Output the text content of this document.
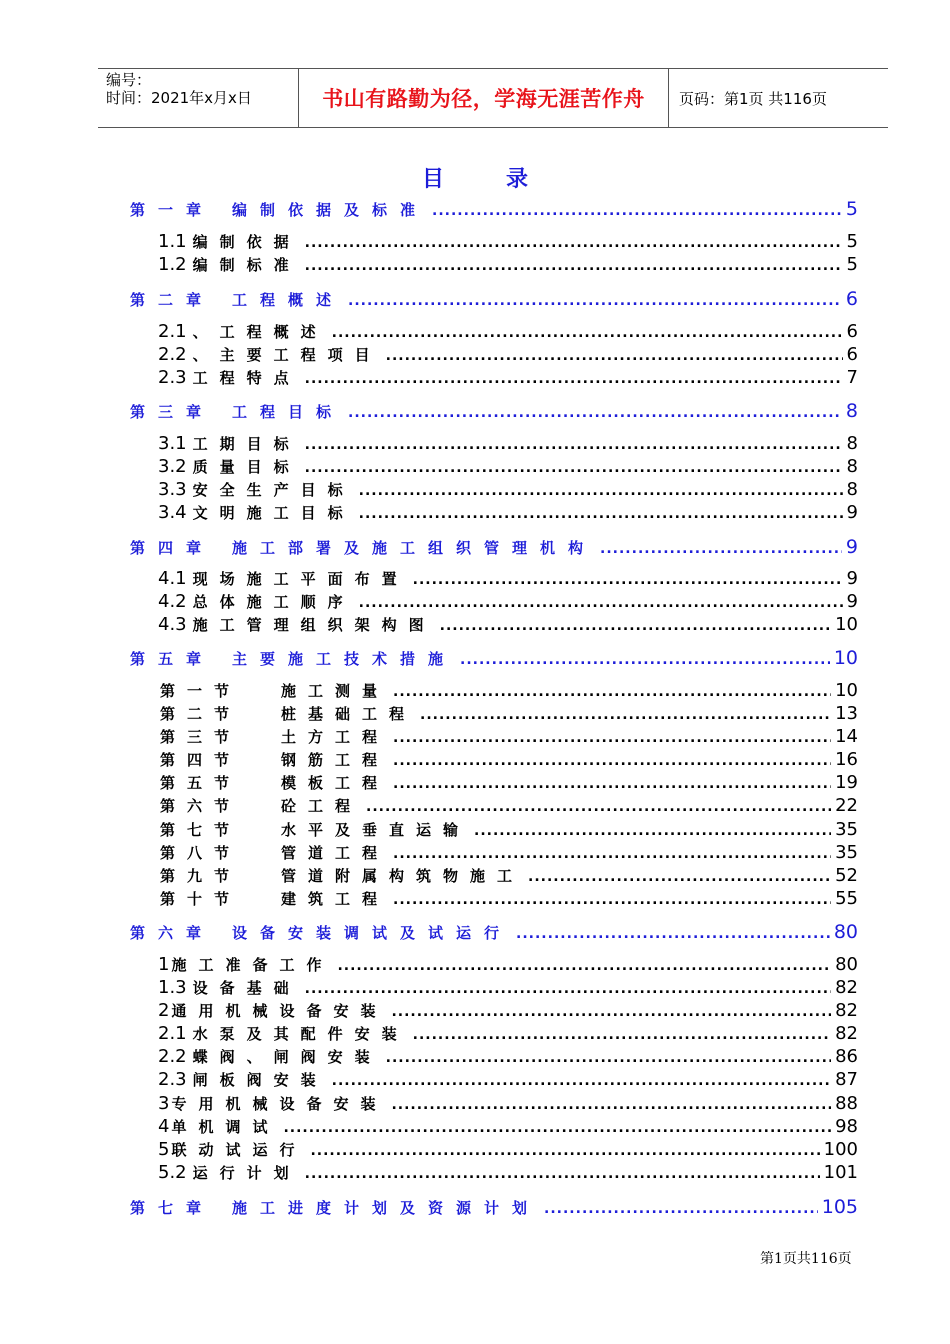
编号：
时间：2021年x月x日	书山有路勤为径，学海无涯苦作舟	页码：第1页 共116页
目录
第一章 编制依据及标准 .....	5
1.1 编制依据 .....	5
1.2 编制标准 .....	5
第二章 工程概述 .....	6
2.1 、工程概述 .....	6
2.2 、主要工程项目 .....	6
2.3 工程特点 .....	7
第三章 工程目标 .....	8
3.1 工期目标 .....	8
3.2 质量目标 .....	8
3.3 安全生产目标 .....	8
3.4 文明施工目标 .....	9
第四章 施工部署及施工组织管理机构 .....	9
4.1 现场施工平面布置 .....	9
4.2 总体施工顺序 .....	9
4.3 施工管理组织架构图 .....	10
第五章 主要施工技术措施 .....	10
第一节	施工测量 .....	10
第二节	桩基础工程 .....	13
第三节	土方工程 .....	14
第四节	钢筋工程 .....	16
第五节	模板工程 .....	19
第六节	砼工程 .....	22
第七节	水平及垂直运输 .....	35
第八节	管道工程 .....	35
第九节	管道附属构筑物施工 .....	52
第十节	建筑工程 .....	55
第六章 设备安装调试及试运行 .....	80
1 施工准备工作 .....	80
1.3 设备基础 .....	82
2 通用机械设备安装 .....	82
2.1 水泵及其配件安装 .....	82
2.2 蝶阀、闸阀安装 .....	86
2.3 闸板阀安装 .....	87
3 专用机械设备安装 .....	88
4 单机调试 .....	98
5 联动试运行 .....	100
5.2 运行计划 .....	101
第七章 施工进度计划及资源计划 .....	105
第1页共116页
